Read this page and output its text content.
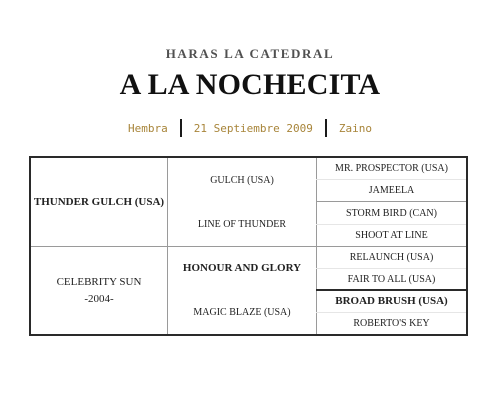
HARAS LA CATEDRAL
A LA NOCHECITA
Hembra	21 Septiembre 2009	Zaino
THUNDER GULCH (USA)
CELEBRITY SUN
-2004-
GULCH (USA)
LINE OF THUNDER
HONOUR AND GLORY
MAGIC BLAZE (USA)
MR. PROSPECTOR (USA)
JAMEELA
STORM BIRD (CAN)
SHOOT AT LINE
RELAUNCH (USA)
FAIR TO ALL (USA)
BROAD BRUSH (USA)
ROBERTO'S KEY
